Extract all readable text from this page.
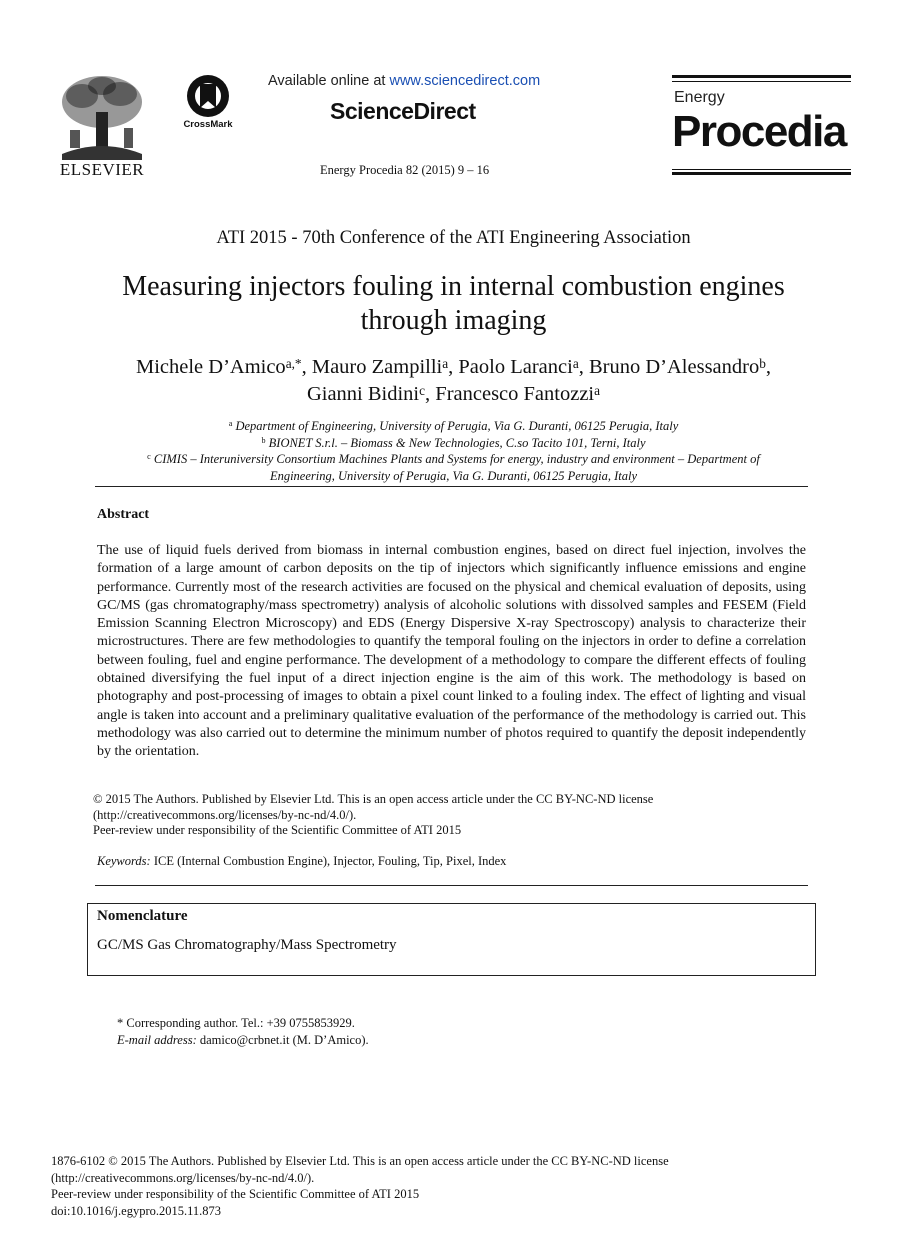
ELSEVIER
CrossMark
Available online at www.sciencedirect.com
ScienceDirect
Energy Procedia 82 (2015) 9 – 16
Energy
Procedia
ATI 2015 - 70th Conference of the ATI Engineering Association
Measuring injectors fouling in internal combustion engines
through imaging
Michele D’Amico$^{a,*}$, Mauro Zampilli$^a$, Paolo Laranci$^a$, Bruno D’Alessandro$^b$,
Gianni Bidini$^c$, Francesco Fantozzi$^a$
$^a$ Department of Engineering, University of Perugia, Via G. Duranti, 06125 Perugia, Italy
$^b$ BIONET S.r.l. – Biomass & New Technologies, C.so Tacito 101, Terni, Italy
$^c$ CIMIS – Interuniversity Consortium Machines Plants and Systems for energy, industry and environment – Department of
Engineering, University of Perugia, Via G. Duranti, 06125 Perugia, Italy
Abstract
The use of liquid fuels derived from biomass in internal combustion engines, based on direct fuel injection, involves the formation of a large amount of carbon deposits on the tip of injectors which significantly influence emissions and engine performance. Currently most of the research activities are focused on the physical and chemical evaluation of deposits, using GC/MS (gas chromatography/mass spectrometry) analysis of alcoholic solutions with dissolved samples and FESEM (Field Emission Scanning Electron Microscopy) and EDS (Energy Dispersive X-ray Spectroscopy) analysis to characterize their microstructures. There are few methodologies to quantify the temporal fouling on the injectors in order to define a correlation between fouling, fuel and engine performance. The development of a methodology to compare the different effects of fouling obtained diversifying the fuel input of a direct injection engine is the aim of this work. The methodology is based on photography and post-processing of images to obtain a pixel count linked to a fouling index. The effect of lighting and visual angle is taken into account and a preliminary qualitative evaluation of the performance of the methodology is carried out. This methodology was also carried out to determine the minimum number of photos required to quantify the deposit independently by the orientation.
© 2015 The Authors. Published by Elsevier Ltd. This is an open access article under the CC BY-NC-ND license
(http://creativecommons.org/licenses/by-nc-nd/4.0/).
Peer-review under responsibility of the Scientific Committee of ATI 2015
Keywords: ICE (Internal Combustion Engine), Injector, Fouling, Tip, Pixel, Index
Nomenclature
GC/MS Gas Chromatography/Mass Spectrometry
* Corresponding author. Tel.: +39 0755853929.
E-mail address: damico@crbnet.it (M. D’Amico).
1876-6102 © 2015 The Authors. Published by Elsevier Ltd. This is an open access article under the CC BY-NC-ND license
(http://creativecommons.org/licenses/by-nc-nd/4.0/).
Peer-review under responsibility of the Scientific Committee of ATI 2015
doi:10.1016/j.egypro.2015.11.873
